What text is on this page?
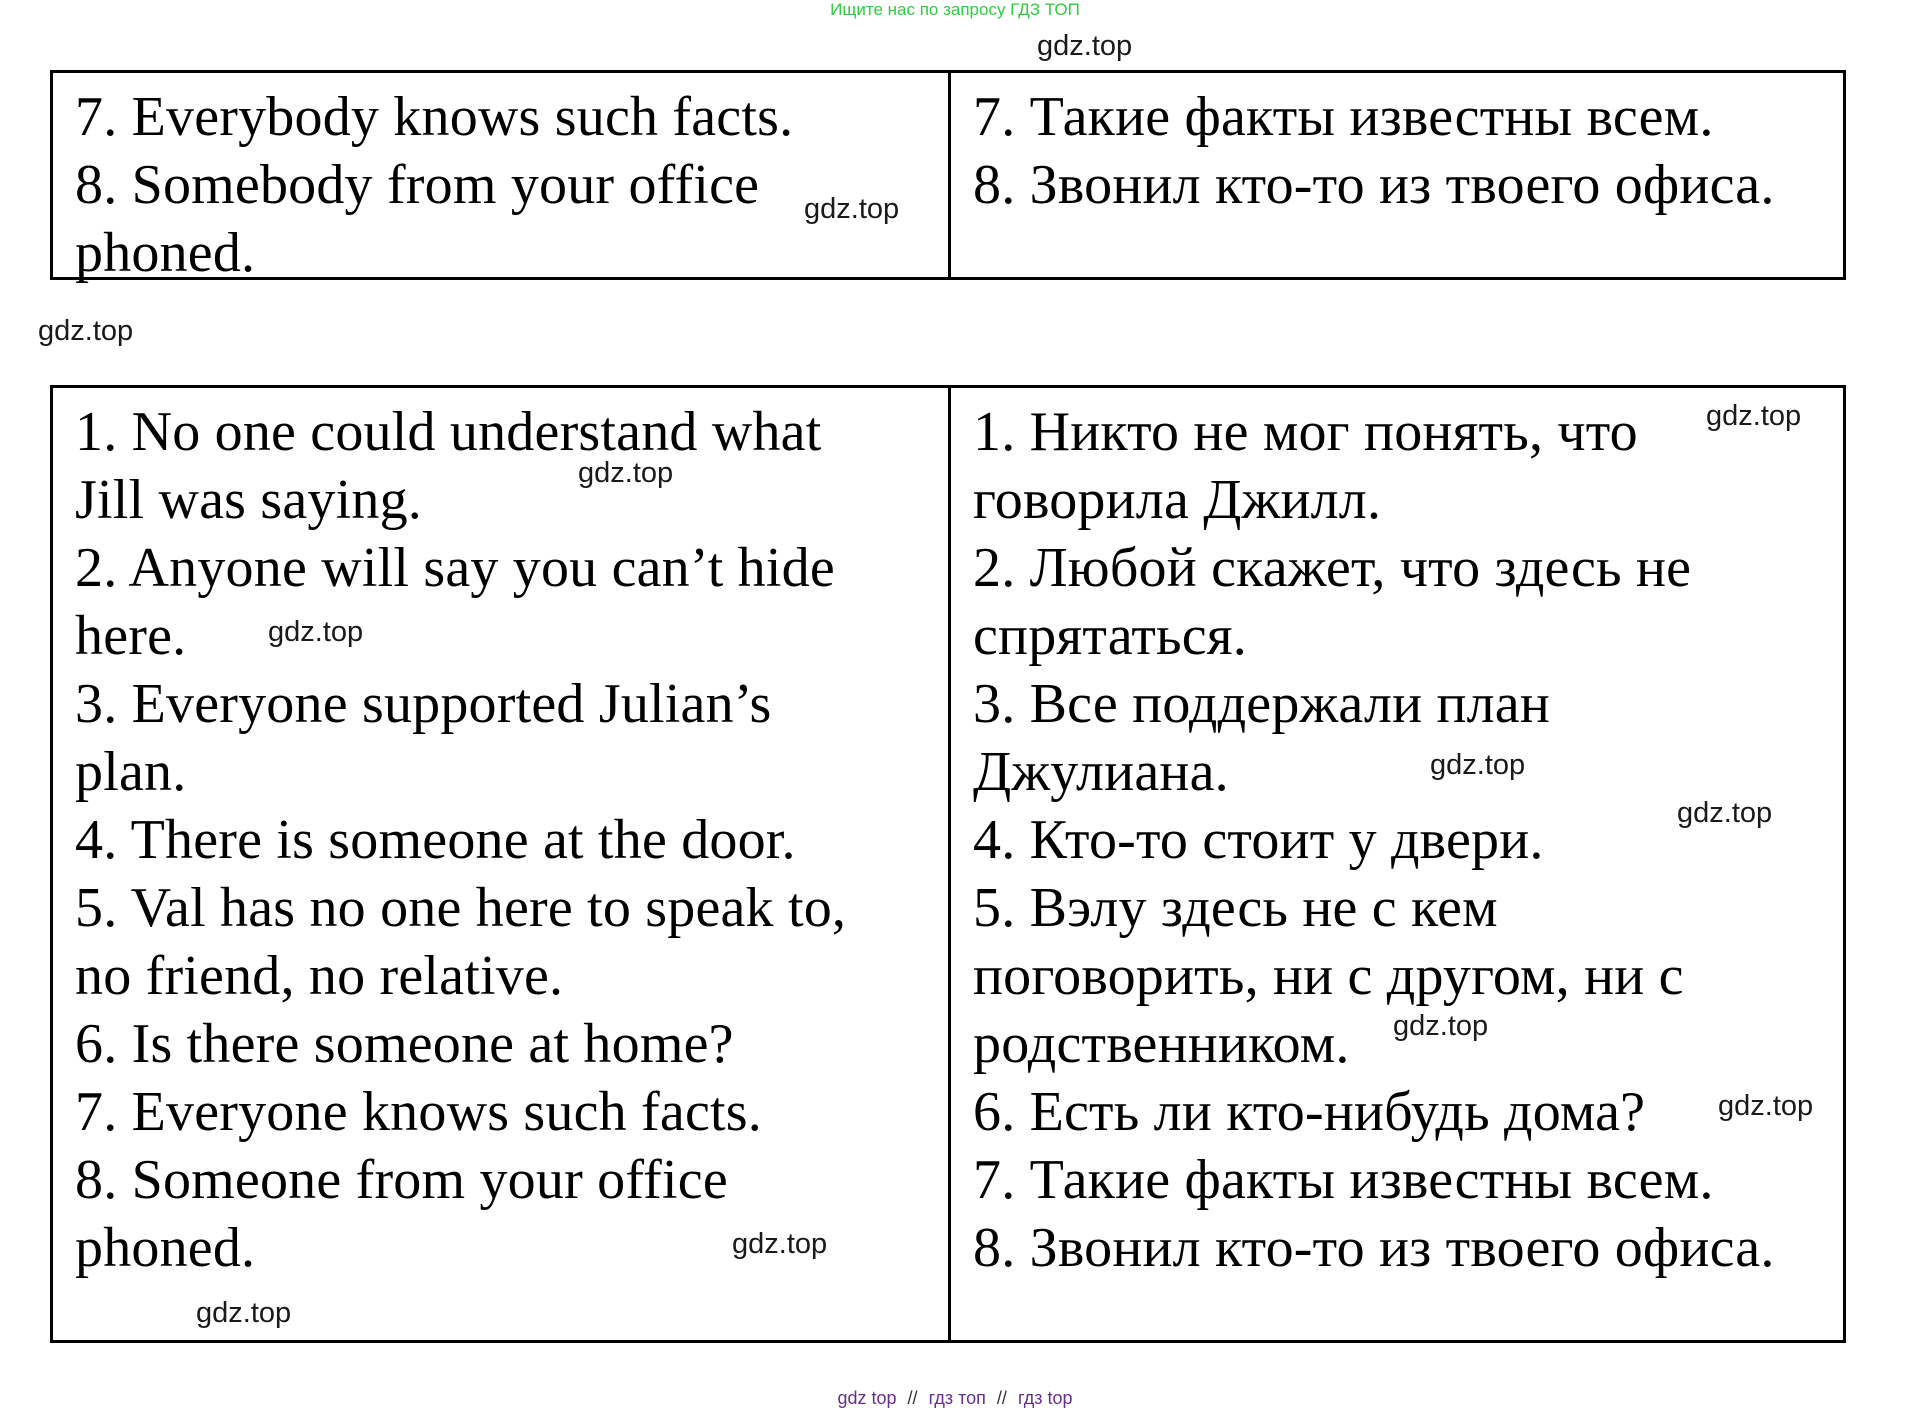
Ищите нас по запросу ГДЗ ТОП
gdz.top
gdz.top
gdz.top
gdz.top
gdz.top
gdz.top
gdz.top
gdz.top
gdz.top
gdz.top
gdz.top
gdz.top
7. Everybody knows such facts.
8. Somebody from your office
phoned.
7. Такие факты известны всем.
8. Звонил кто-то из твоего офиса.
1. No one could understand what
Jill was saying.
2. Anyone will say you can’t hide
here.
3. Everyone supported Julian’s
plan.
4. There is someone at the door.
5. Val has no one here to speak to,
no friend, no relative.
6. Is there someone at home?
7. Everyone knows such facts.
8. Someone from your office
phoned.
1. Никто не мог понять, что
говорила Джилл.
2. Любой скажет, что здесь не
спрятаться.
3. Все поддержали план
Джулиана.
4. Кто-то стоит у двери.
5. Вэлу здесь не с кем
поговорить, ни с другом, ни с
родственником.
6. Есть ли кто-нибудь дома?
7. Такие факты известны всем.
8. Звонил кто-то из твоего офиса.
gdz top // гдз топ // гдз top
